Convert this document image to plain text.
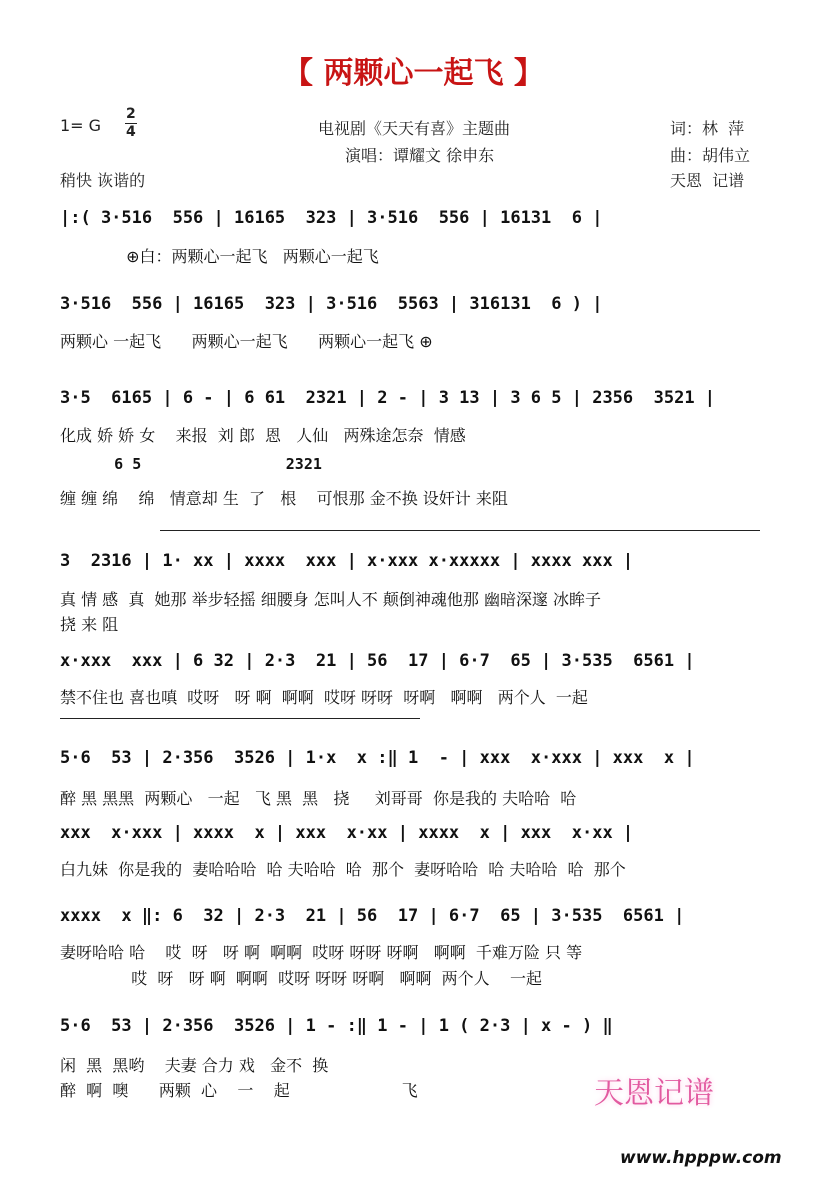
【 两颗心一起飞 】
1= G
2
4	电视剧《天天有喜》主题曲
演唱：谭耀文 徐申东
词：林  萍
曲：胡伟立
稍快 诙谐的	天恩  记谱
|:( 3·516  556 | 16165  323 | 3·516  556 | 16131  6 |
⊕白：两颗心一起飞   两颗心一起飞
3·516  556 | 16165  323 | 3·516  5563 | 316131  6 ) |
两颗心 一起飞      两颗心一起飞      两颗心一起飞 ⊕
3·5  6165 | 6 - | 6 61  2321 | 2 - | 3 13 | 3 6 5 | 2356  3521 |
化成 娇 娇 女    来报  刘 郎  恩   人仙   两殊途怎奈  情感
6 5                2321
缠 缠 绵    绵   情意却 生  了   根    可恨那 金不换 设奸计 来阻
3  2316 | 1· xx | xxxx  xxx | x·xxx x·xxxxx | xxxx xxx |
真 情 感  真  她那 举步轻摇 细腰身 怎叫人不 颠倒神魂他那 幽暗深邃 冰眸子
挠 来 阻
x·xxx  xxx | 6 32 | 2·3  21 | 56  17 | 6·7  65 | 3·535  6561 |
禁不住也 喜也嗔  哎呀   呀 啊  啊啊  哎呀 呀呀  呀啊   啊啊   两个人  一起
5·6  53 | 2·356  3526 | 1·x  x :‖ 1  - | xxx  x·xxx | xxx  x |
醉 黑 黑黑  两颗心   一起   飞 黑  黑   挠     刘哥哥  你是我的 夫哈哈  哈
xxx  x·xxx | xxxx  x | xxx  x·xx | xxxx  x | xxx  x·xx |
白九妹  你是我的  妻哈哈哈  哈 夫哈哈  哈  那个  妻呀哈哈  哈 夫哈哈  哈  那个
xxxx  x ‖: 6  32 | 2·3  21 | 56  17 | 6·7  65 | 3·535  6561 |
妻呀哈哈 哈    哎  呀   呀 啊  啊啊  哎呀 呀呀 呀啊   啊啊  千难万险 只 等
哎  呀   呀 啊  啊啊  哎呀 呀呀 呀啊   啊啊  两个人    一起
5·6  53 | 2·356  3526 | 1 - :‖ 1 - | 1 ( 2·3 | x - ) ‖
闲  黑  黑哟    夫妻 合力 戏   金不  换
醉  啊  噢      两颗  心    一    起                      飞	天恩记谱
www.hpppw.com
